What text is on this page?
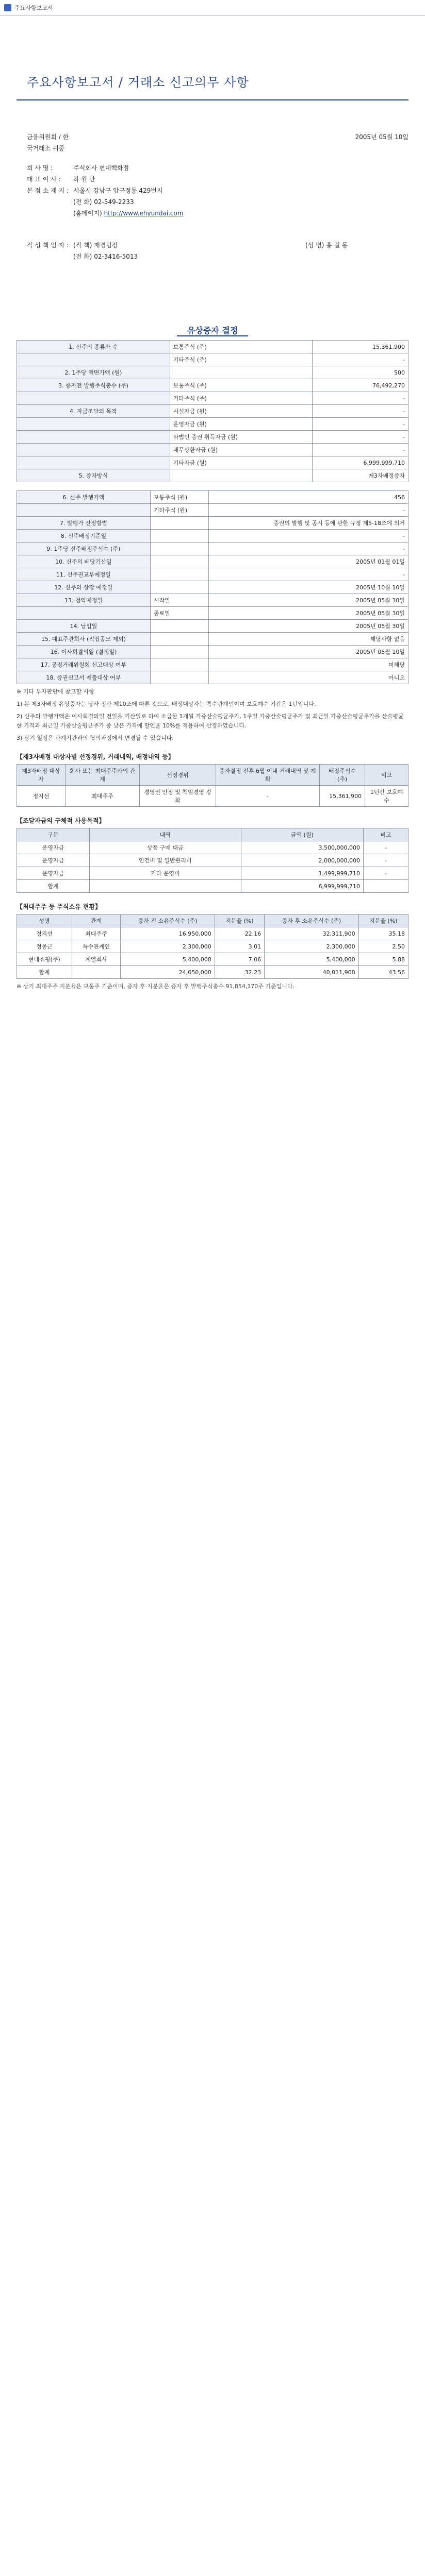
주요사항보고서
주요사항보고서 / 거래소 신고의무 사항
금융위원회 / 한국거래소 귀중
2005년 05월 10일
회 사 명 :	주식회사 현대백화점
대 표 이 사 :	하 원 만
본 점 소 재 지 : 서울시 강남구 압구정동 429번지
(전 화) 02-549-2233
(홈페이지) http://www.ehyundai.com
작 성 책 임 자 : (직 책) 재경팀장	(성 명) 홍 길 동
(전 화) 02-3416-5013
유상증자 결정
1. 신주의 종류와 수	보통주식 (주)	15,361,900
	기타주식 (주)	-
2. 1주당 액면가액 (원)		500
3. 증자전 발행주식총수 (주)	보통주식 (주)	76,492,270
	기타주식 (주)	-
4. 자금조달의 목적	시설자금 (원)	-
	운영자금 (원)	-
	타법인 증권 취득자금 (원)	-
	채무상환자금 (원)	-
	기타자금 (원)	6,999,999,710
5. 증자방식		제3자배정증자
6. 신주 발행가액	보통주식 (원)	456
	기타주식 (원)	-
7. 발행가 산정방법		증권의 발행 및 공시 등에 관한 규정 제5-18조에 의거
8. 신주배정기준일		-
9. 1주당 신주배정주식수 (주)		-
10. 신주의 배당기산일		2005년 01월 01일
11. 신주권교부예정일		-
12. 신주의 상장 예정일		2005년 10월 10일
13. 청약예정일	시작일	2005년 05월 30일
	종료일	2005년 05월 30일
14. 납입일		2005년 05월 30일
15. 대표주관회사 (직접공모 제외)		해당사항 없음
16. 이사회결의일 (결정일)		2005년 05월 10일
17. 공정거래위원회 신고대상 여부		미해당
18. 증권신고서 제출대상 여부		아니오
※ 기타 투자판단에 참고할 사항
1) 본 제3자배정 유상증자는 당사 정관 제10조에 따른 것으로, 배정대상자는 특수관계인이며 보호예수 기간은 1년입니다.
2) 신주의 발행가액은 이사회결의일 전일을 기산일로 하여 소급한 1개월 가중산술평균주가, 1주일 가중산술평균주가 및 최근일 가중산술평균주가를 산술평균한 가격과 최근일 가중산술평균주가 중 낮은 가격에 할인율 10%를 적용하여 산정하였습니다.
3) 상기 일정은 관계기관과의 협의과정에서 변경될 수 있습니다.
【제3자배정 대상자별 선정경위, 거래내역, 배정내역 등】
제3자배정 대상자	회사 또는 최대주주와의 관계	선정경위	증자결정 전후 6월 이내 거래내역 및 계획	배정주식수 (주)	비고
정지선	최대주주	경영권 안정 및 책임경영 강화	-	15,361,900	1년간 보호예수
【조달자금의 구체적 사용목적】
구분	내역	금액 (원)	비고
운영자금	상품 구매 대금	3,500,000,000	-
운영자금	인건비 및 일반관리비	2,000,000,000	-
운영자금	기타 운영비	1,499,999,710	-
합계		6,999,999,710	
【최대주주 등 주식소유 현황】
성명	관계	증자 전 소유주식수 (주)	지분율 (%)	증자 후 소유주식수 (주)	지분율 (%)
정지선	최대주주	16,950,000	22.16	32,311,900	35.18
정몽근	특수관계인	2,300,000	3.01	2,300,000	2.50
현대쇼핑(주)	계열회사	5,400,000	7.06	5,400,000	5.88
합계		24,650,000	32.23	40,011,900	43.56
※ 상기 최대주주 지분율은 보통주 기준이며, 증자 후 지분율은 증자 후 발행주식총수 91,854,170주 기준입니다.
